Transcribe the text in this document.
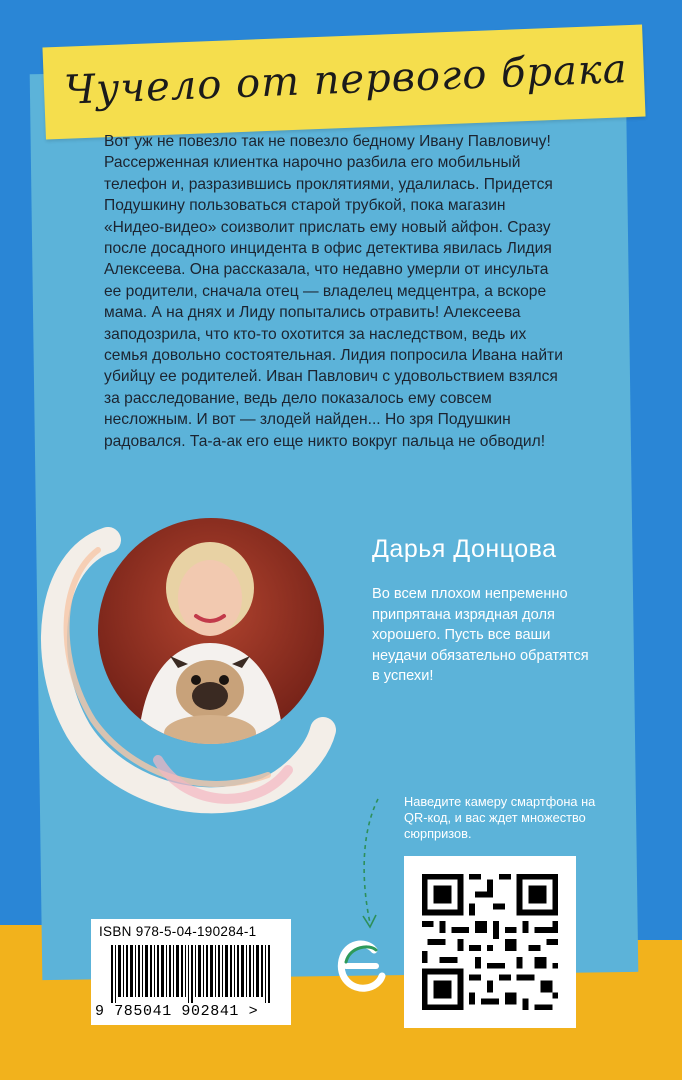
Чучело от первого брака

Вот уж не повезло так не повезло бедному Ивану Павловичу! Рассерженная клиентка нарочно разбила его мобильный телефон и, разразившись проклятиями, удалилась. Придется Подушкину пользоваться старой трубкой, пока магазин «Нидео-видео» соизволит прислать ему новый айфон. Сразу после досадного инцидента в офис детектива явилась Лидия Алексеева. Она рассказала, что недавно умерли от инсульта ее родители, сначала отец — владелец медцентра, а вскоре мама. А на днях и Лиду попытались отравить! Алексеева заподозрила, что кто-то охотится за наследством, ведь их семья довольно состоятельная. Лидия попросила Ивана найти убийцу ее родителей. Иван Павлович с удовольствием взялся за расследование, ведь дело показалось ему совсем несложным. И вот — злодей найден... Но зря Подушкин радовался. Та-а-ак его еще никто вокруг пальца не обводил!

Дарья Донцова

Во всем плохом непременно припрятана изрядная доля хорошего. Пусть все ваши неудачи обязательно обратятся в успехи!

Наведите камеру смартфона на QR-код, и вас ждет множество сюрпризов.

ISBN 978-5-04-190284-1
9 785041 902841 >
